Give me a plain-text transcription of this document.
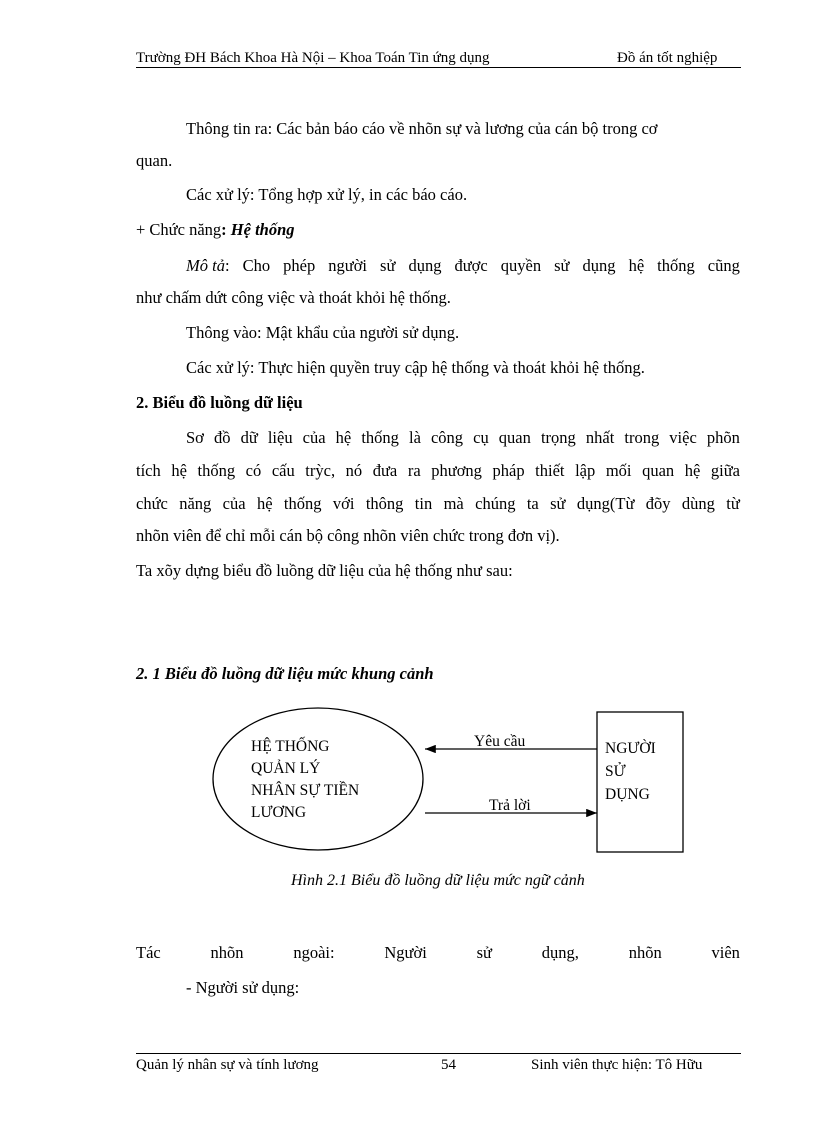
Trường ĐH Bách Khoa Hà Nội – Khoa Toán Tin ứng dụng	Đồ án tốt nghiệp
Thông tin ra: Các bản báo cáo về nhõn sự và lương của cán bộ trong cơ
quan.
Các xử lý: Tổng hợp xử lý, in các báo cáo.
+ Chức năng: Hệ thống
Mô tả: Cho phép người sử dụng được quyền sử dụng hệ thống cũng
như chấm dứt công việc và thoát khỏi hệ thống.
Thông vào: Mật khẩu của người sử dụng.
Các xử lý: Thực hiện quyền truy cập hệ thống và thoát khỏi hệ thống.
2. Biểu đồ luồng dữ liệu
Sơ đồ dữ liệu của hệ thống là công cụ quan trọng nhất trong việc phõn
tích hệ thống có cấu trỳc, nó đưa ra phương pháp thiết lập mối quan hệ giữa
chức năng của hệ thống với thông tin mà chúng ta sử dụng(Từ đõy dùng từ
nhõn viên để chỉ mỗi cán bộ công nhõn viên chức trong đơn vị).
Ta xõy dựng biểu đồ luồng dữ liệu của hệ thống như sau:
2. 1 Biểu đồ luồng dữ liệu mức khung cảnh
HỆ THỐNG
QUẢN LÝ
NHÂN SỰ TIỀN
LƯƠNG
NGƯỜI
SỬ
DỤNG
Yêu cầu
Trả lời
Hình 2.1 Biểu đồ luồng dữ liệu mức ngữ cảnh
Tác	nhõn	ngoài:	Người	sử	dụng,	nhõn	viên
- Người sử dụng:
Quản lý nhân sự và tính lương	54	Sinh viên thực hiện: Tô Hữu
